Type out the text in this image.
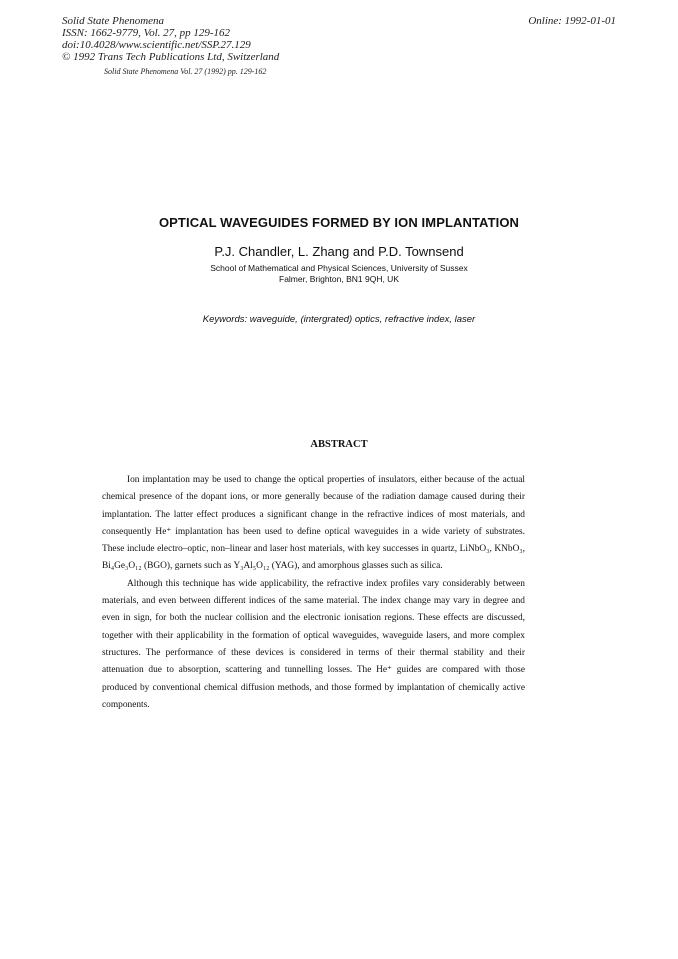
Solid State Phenomena
ISSN: 1662-9779, Vol. 27, pp 129-162
doi:10.4028/www.scientific.net/SSP.27.129
© 1992 Trans Tech Publications Ltd, Switzerland
Online: 1992-01-01
Solid State Phenomena Vol. 27 (1992) pp. 129-162
OPTICAL WAVEGUIDES FORMED BY ION IMPLANTATION
P.J. Chandler, L. Zhang and P.D. Townsend
School of Mathematical and Physical Sciences, University of Sussex
Falmer, Brighton, BN1 9QH, UK
Keywords: waveguide, (intergrated) optics, refractive index, laser
ABSTRACT

Ion implantation may be used to change the optical properties of insulators, either because of the actual chemical presence of the dopant ions, or more generally because of the radiation damage caused during their implantation. The latter effect produces a significant change in the refractive indices of most materials, and consequently He⁺ implantation has been used to define optical waveguides in a wide variety of substrates. These include electro–optic, non–linear and laser host materials, with key successes in quartz, LiNbO₃, KNbO₃, Bi₄Ge₃O₁₂ (BGO), garnets such as Y₃Al₅O₁₂ (YAG), and amorphous glasses such as silica.

Although this technique has wide applicability, the refractive index profiles vary considerably between materials, and even between different indices of the same material. The index change may vary in degree and even in sign, for both the nuclear collision and the electronic ionisation regions. These effects are discussed, together with their applicability in the formation of optical waveguides, waveguide lasers, and more complex structures. The performance of these devices is considered in terms of their thermal stability and their attenuation due to absorption, scattering and tunnelling losses. The He⁺ guides are compared with those produced by conventional chemical diffusion methods, and those formed by implantation of chemically active components.
